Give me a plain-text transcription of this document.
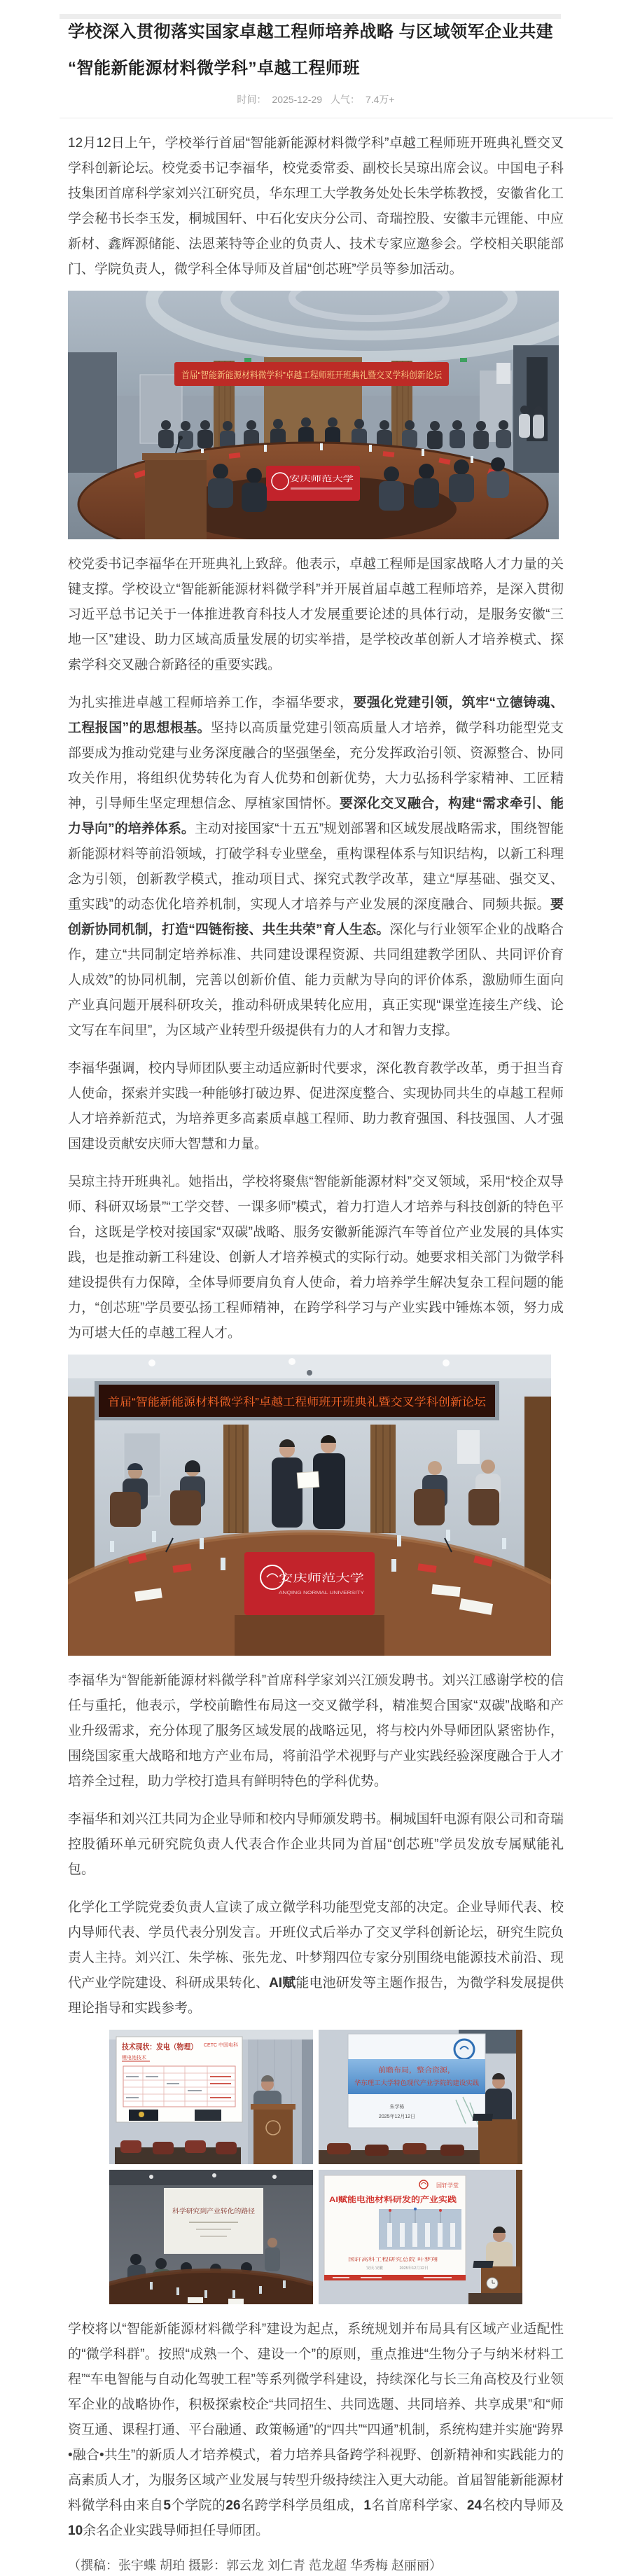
学校深入贯彻落实国家卓越工程师培养战略 与区域领军企业共建“智能新能源材料微学科”卓越工程师班
时间： 2025-12-29 人气： 7.4万+

12月12日上午，学校举行首届“智能新能源材料微学科”卓越工程师班开班典礼暨交叉学科创新论坛。校党委书记李福华，校党委常委、副校长吴琼出席会议。中国电子科技集团首席科学家刘兴江研究员，华东理工大学教务处处长朱学栋教授，安徽省化工学会秘书长李玉发，桐城国轩、中石化安庆分公司、奇瑞控股、安徽丰元锂能、中应新材、鑫辉源储能、法恩莱特等企业的负责人、技术专家应邀参会。学校相关职能部门、学院负责人，微学科全体导师及首届“创芯班”学员等参加活动。

首届“智能新能源材料微学科”卓越工程师班开班典礼暨交叉学科创新论坛
安庆师范大学

校党委书记李福华在开班典礼上致辞。他表示，卓越工程师是国家战略人才力量的关键支撑。学校设立“智能新能源材料微学科”并开展首届卓越工程师培养，是深入贯彻习近平总书记关于一体推进教育科技人才发展重要论述的具体行动，是服务安徽“三地一区”建设、助力区域高质量发展的切实举措，是学校改革创新人才培养模式、探索学科交叉融合新路径的重要实践。

为扎实推进卓越工程师培养工作，李福华要求，要强化党建引领，筑牢“立德铸魂、工程报国”的思想根基。坚持以高质量党建引领高质量人才培养，微学科功能型党支部要成为推动党建与业务深度融合的坚强堡垒，充分发挥政治引领、资源整合、协同攻关作用，将组织优势转化为育人优势和创新优势，大力弘扬科学家精神、工匠精神，引导师生坚定理想信念、厚植家国情怀。要深化交叉融合，构建“需求牵引、能力导向”的培养体系。主动对接国家“十五五”规划部署和区域发展战略需求，围绕智能新能源材料等前沿领域，打破学科专业壁垒，重构课程体系与知识结构，以新工科理念为引领，创新教学模式，推动项目式、探究式教学改革，建立“厚基础、强交叉、重实践”的动态优化培养机制，实现人才培养与产业发展的深度融合、同频共振。要创新协同机制，打造“四链衔接、共生共荣”育人生态。深化与行业领军企业的战略合作，建立“共同制定培养标准、共同建设课程资源、共同组建教学团队、共同评价育人成效”的协同机制，完善以创新价值、能力贡献为导向的评价体系，激励师生面向产业真问题开展科研攻关，推动科研成果转化应用，真正实现“课堂连接生产线、论文写在车间里”，为区域产业转型升级提供有力的人才和智力支撑。

李福华强调，校内导师团队要主动适应新时代要求，深化教育教学改革，勇于担当育人使命，探索并实践一种能够打破边界、促进深度整合、实现协同共生的卓越工程师人才培养新范式，为培养更多高素质卓越工程师、助力教育强国、科技强国、人才强国建设贡献安庆师大智慧和力量。

吴琼主持开班典礼。她指出，学校将聚焦“智能新能源材料”交叉领域，采用“校企双导师、科研双场景”“工学交替、一课多师”模式，着力打造人才培养与科技创新的特色平台，这既是学校对接国家“双碳”战略、服务安徽新能源汽车等首位产业发展的具体实践，也是推动新工科建设、创新人才培养模式的实际行动。她要求相关部门为微学科建设提供有力保障，全体导师要肩负育人使命，着力培养学生解决复杂工程问题的能力，“创芯班”学员要弘扬工程师精神，在跨学科学习与产业实践中锤炼本领，努力成为可堪大任的卓越工程人才。

首届“智能新能源材料微学科”卓越工程师班开班典礼暨交叉学科创新论坛
安庆师范大学
ANQING NORMAL UNIVERSITY

李福华为“智能新能源材料微学科”首席科学家刘兴江颁发聘书。刘兴江感谢学校的信任与重托，他表示，学校前瞻性布局这一交叉微学科，精准契合国家“双碳”战略和产业升级需求，充分体现了服务区域发展的战略远见，将与校内外导师团队紧密协作，围绕国家重大战略和地方产业布局，将前沿学术视野与产业实践经验深度融合于人才培养全过程，助力学校打造具有鲜明特色的学科优势。

李福华和刘兴江共同为企业导师和校内导师颁发聘书。桐城国轩电源有限公司和奇瑞控股循环单元研究院负责人代表合作企业共同为首届“创芯班”学员发放专属赋能礼包。

化学化工学院党委负责人宣读了成立微学科功能型党支部的决定。企业导师代表、校内导师代表、学员代表分别发言。开班仪式后举办了交叉学科创新论坛，研究生院负责人主持。刘兴江、朱学栋、张先龙、叶梦翔四位专家分别围绕电能源技术前沿、现代产业学院建设、科研成果转化、AI赋能电池研发等主题作报告，为微学科发展提供理论指导和实践参考。

技术现状：发电（物理）
CETC 中国电科
锂电池技术
前瞻布局，整合资源，
华东理工大学特色现代产业学院的建设实践
朱学栋
2025年12月12日
科学研究到产业转化的路径
国轩学堂
AI赋能电池材料研发的产业实践
国轩高科工程研究总院 叶梦翔
安庆·安徽	2025年12月12日

学校将以“智能新能源材料微学科”建设为起点，系统规划并布局具有区域产业适配性的“微学科群”。按照“成熟一个、建设一个”的原则，重点推进“生物分子与纳米材料工程”“车电智能与自动化驾驶工程”等系列微学科建设，持续深化与长三角高校及行业领军企业的战略协作，积极探索校企“共同招生、共同选题、共同培养、共享成果”和“师资互通、课程打通、平台融通、政策畅通”的“四共”“四通”机制，系统构建并实施“跨界•融合•共生”的新质人才培养模式，着力培养具备跨学科视野、创新精神和实践能力的高素质人才，为服务区域产业发展与转型升级持续注入更大动能。首届智能新能源材料微学科由来自5个学院的26名跨学科学员组成，1名首席科学家、24名校内导师及10余名企业实践导师担任导师团。

（撰稿：张宇蝶 胡珀 摄影：郭云龙 刘仁青 范龙超 华秀梅 赵丽丽）
